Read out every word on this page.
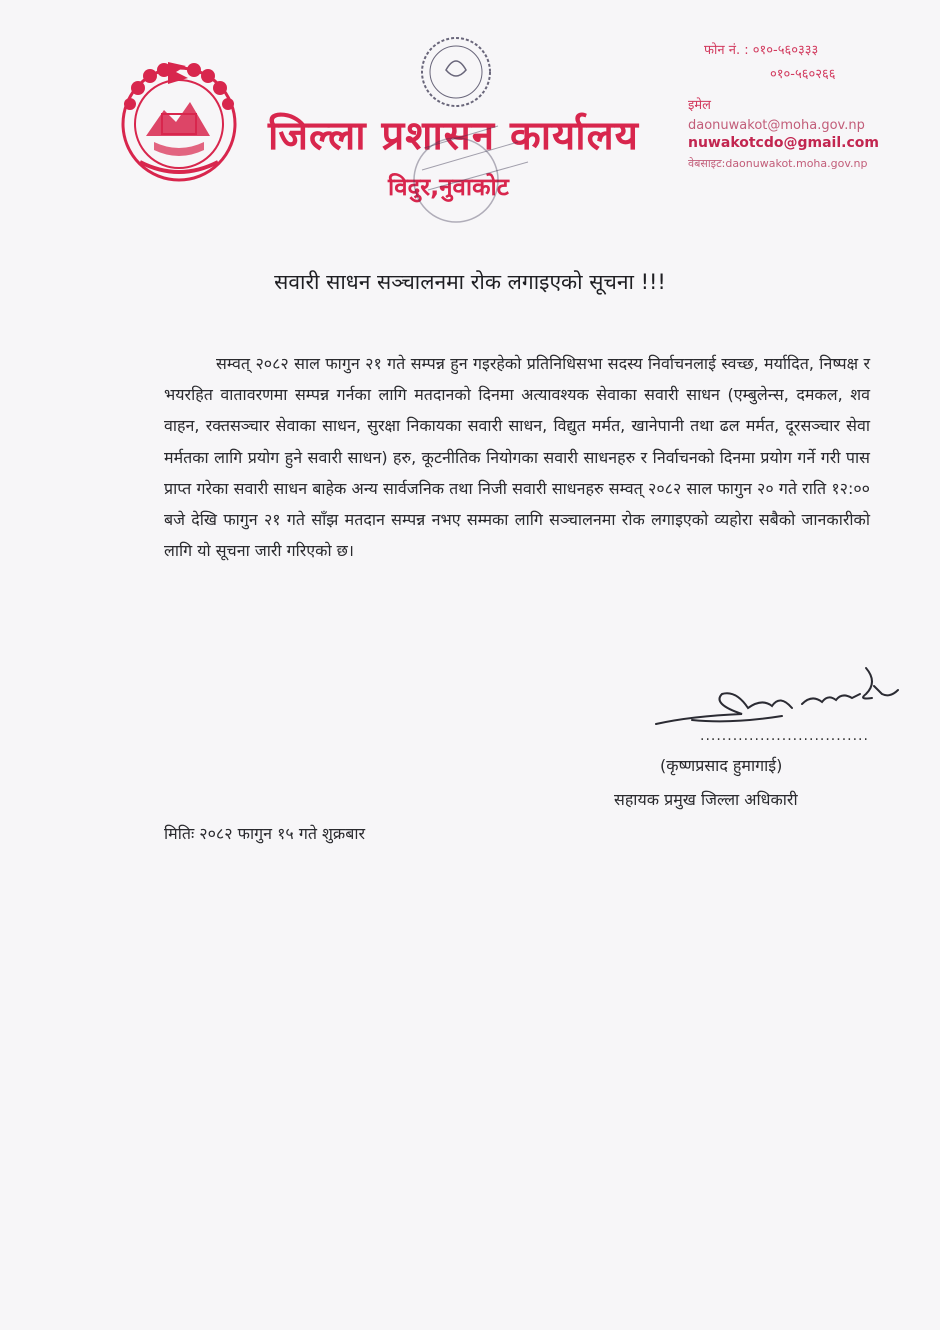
जिल्ला प्रशासन कार्यालय
विदुर,नुवाकोट
फोन नं. : ०१०-५६०३३३
०१०-५६०२६६
इमेल
daonuwakot@moha.gov.np
nuwakotcdo@gmail.com
वेबसाइट:daonuwakot.moha.gov.np
सवारी साधन सञ्चालनमा रोक लगाइएको सूचना !!!

सम्वत् २०८२ साल फागुन २१ गते सम्पन्न हुन गइरहेको प्रतिनिधिसभा सदस्य निर्वाचनलाई स्वच्छ, मर्यादित, निष्पक्ष र भयरहित वातावरणमा सम्पन्न गर्नका लागि मतदानको दिनमा अत्यावश्यक सेवाका सवारी साधन (एम्बुलेन्स, दमकल, शव वाहन, रक्तसञ्चार सेवाका साधन, सुरक्षा निकायका सवारी साधन, विद्युत मर्मत, खानेपानी तथा ढल मर्मत, दूरसञ्चार सेवा मर्मतका लागि प्रयोग हुने सवारी साधन) हरु, कूटनीतिक नियोगका सवारी साधनहरु र निर्वाचनको दिनमा प्रयोग गर्ने गरी पास प्राप्त गरेका सवारी साधन बाहेक अन्य सार्वजनिक तथा निजी सवारी साधनहरु सम्वत् २०८२ साल फागुन २० गते राति १२:०० बजे देखि फागुन २१ गते साँझ मतदान सम्पन्न नभए सम्मका लागि सञ्चालनमा रोक लगाइएको व्यहोरा सबैको जानकारीको लागि यो सूचना जारी गरिएको छ।

...............................
(कृष्णप्रसाद हुमागाई)
सहायक प्रमुख जिल्ला अधिकारी
मितिः २०८२ फागुन १५ गते शुक्रबार
